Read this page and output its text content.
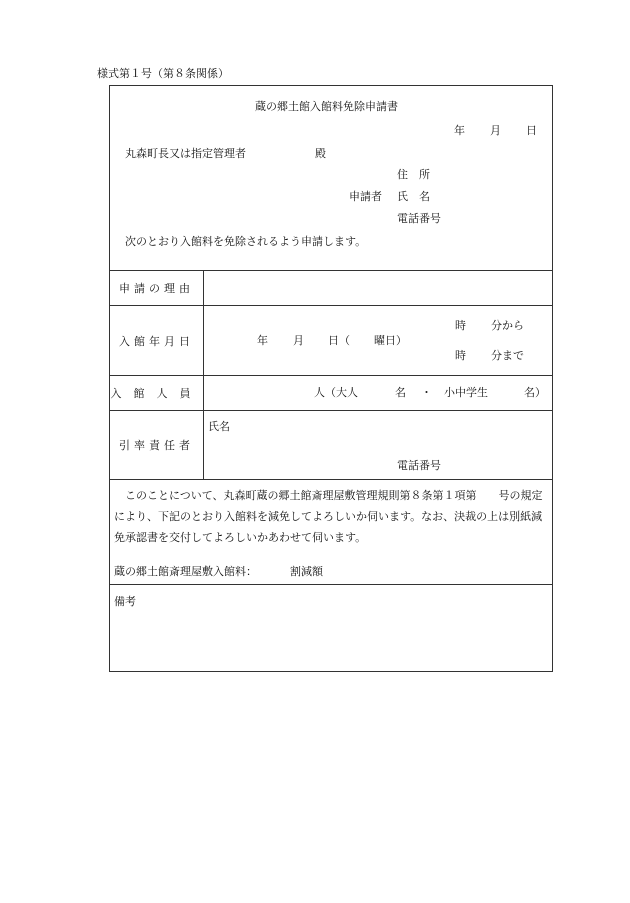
様式第１号（第８条関係）
蔵の郷土館入館料免除申請書
年 月 日
丸森町長又は指定管理者	殿
住　所
申請者 氏　名
電話番号
次のとおり入館料を免除されるよう申請します。
申請の理由
入館年月日	年 月 日（ 曜日）
時 分から
時 分まで
入館人員	人（大人	名 ・ 小中学生	名）
引率責任者
氏名
電話番号
このことについて、丸森町蔵の郷土館斎理屋敷管理規則第８条第１項第　　号の規定により、下記のとおり入館料を減免してよろしいか伺います。なお、決裁の上は別紙減免承認書を交付してよろしいかあわせて伺います。
蔵の郷土館斎理屋敷入館料：	割減額
備考
